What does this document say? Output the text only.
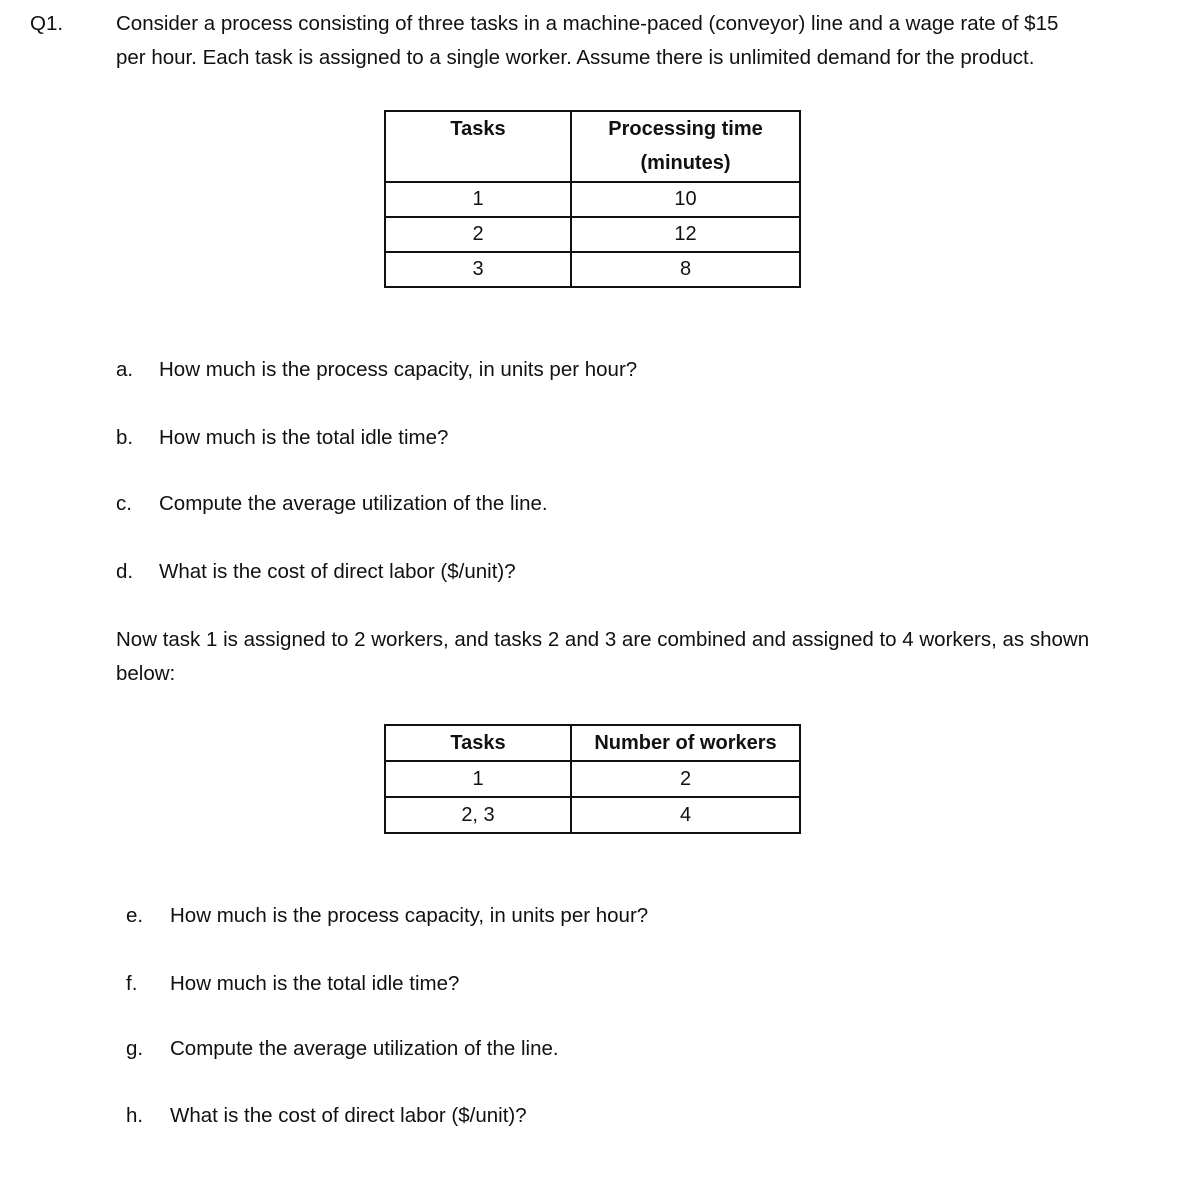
Q1.	Consider a process consisting of three tasks in a machine-paced (conveyor) line and a wage rate of $15
per hour. Each task is assigned to a single worker. Assume there is unlimited demand for the product.
Tasks	Processing time
(minutes)

1	10
2	12
3	8
a. How much is the process capacity, in units per hour?
b. How much is the total idle time?
c. Compute the average utilization of the line.
d. What is the cost of direct labor ($/unit)?
Now task 1 is assigned to 2 workers, and tasks 2 and 3 are combined and assigned to 4 workers, as shown
below:
Tasks	Number of workers
1	2
2, 3	4
e. How much is the process capacity, in units per hour?
f. How much is the total idle time?
g. Compute the average utilization of the line.
h. What is the cost of direct labor ($/unit)?
